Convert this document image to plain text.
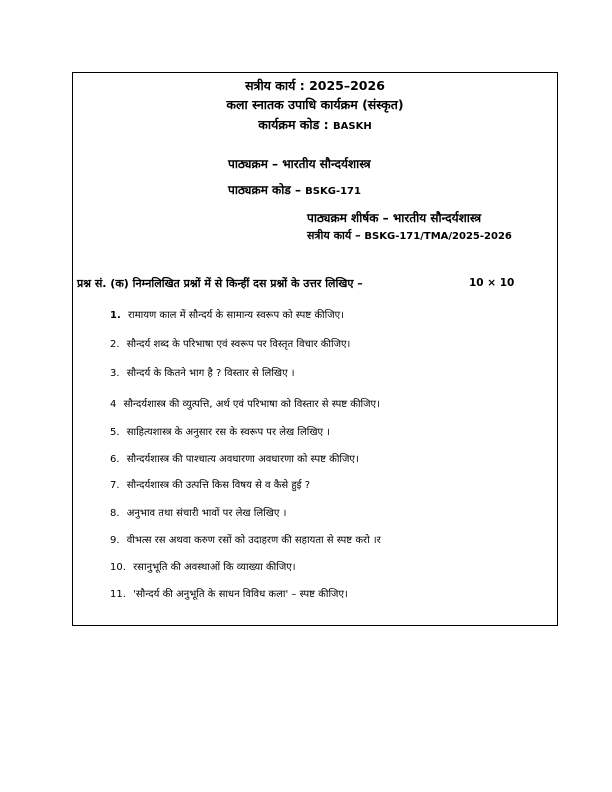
सत्रीय कार्य : 2025–2026
कला स्नातक उपाधि कार्यक्रम (संस्कृत)
कार्यक्रम कोड : BASKH
पाठ्यक्रम – भारतीय सौन्दर्यशास्त्र
पाठ्यक्रम कोड – BSKG-171
पाठ्यक्रम शीर्षक – भारतीय सौन्दर्यशास्त्र
सत्रीय कार्य – BSKG-171/TMA/2025-2026
प्रश्न सं. (क) निम्नलिखित प्रश्नों में से किन्हीं दस प्रश्नों के उत्तर लिखिए –	10 × 10
1. रामायण काल में सौन्दर्य के सामान्य स्वरूप को स्पष्ट कीजिए।
2. सौन्दर्य शब्द के परिभाषा एवं स्वरूप पर विस्तृत विचार कीजिए।
3. सौन्दर्य के कितने भाग है ? विस्तार से लिखिए ।
4 सौन्दर्यशास्त्र की व्युत्पत्ति, अर्थ एवं परिभाषा को विस्तार से स्पष्ट कीजिए।
5. साहित्यशास्त्र के अनुसार रस के स्वरूप पर लेख लिखिए ।
6. सौन्दर्यशास्त्र की पाश्चात्य अवधारणा अवधारणा को स्पष्ट कीजिए।
7. सौन्दर्यशास्त्र की उत्पत्ति किस विषय से व कैसे हुई ?
8. अनुभाव तथा संचारी भावों पर लेख लिखिए ।
9. वीभत्स रस अथवा करुण रसों को उदाहरण की सहायता से स्पष्ट करो ।र
10. रसानुभूति की अवस्थाओं कि व्याख्या कीजिए।
11. 'सौन्दर्य की अनुभूति के साधन विविध कला' – स्पष्ट कीजिए।
